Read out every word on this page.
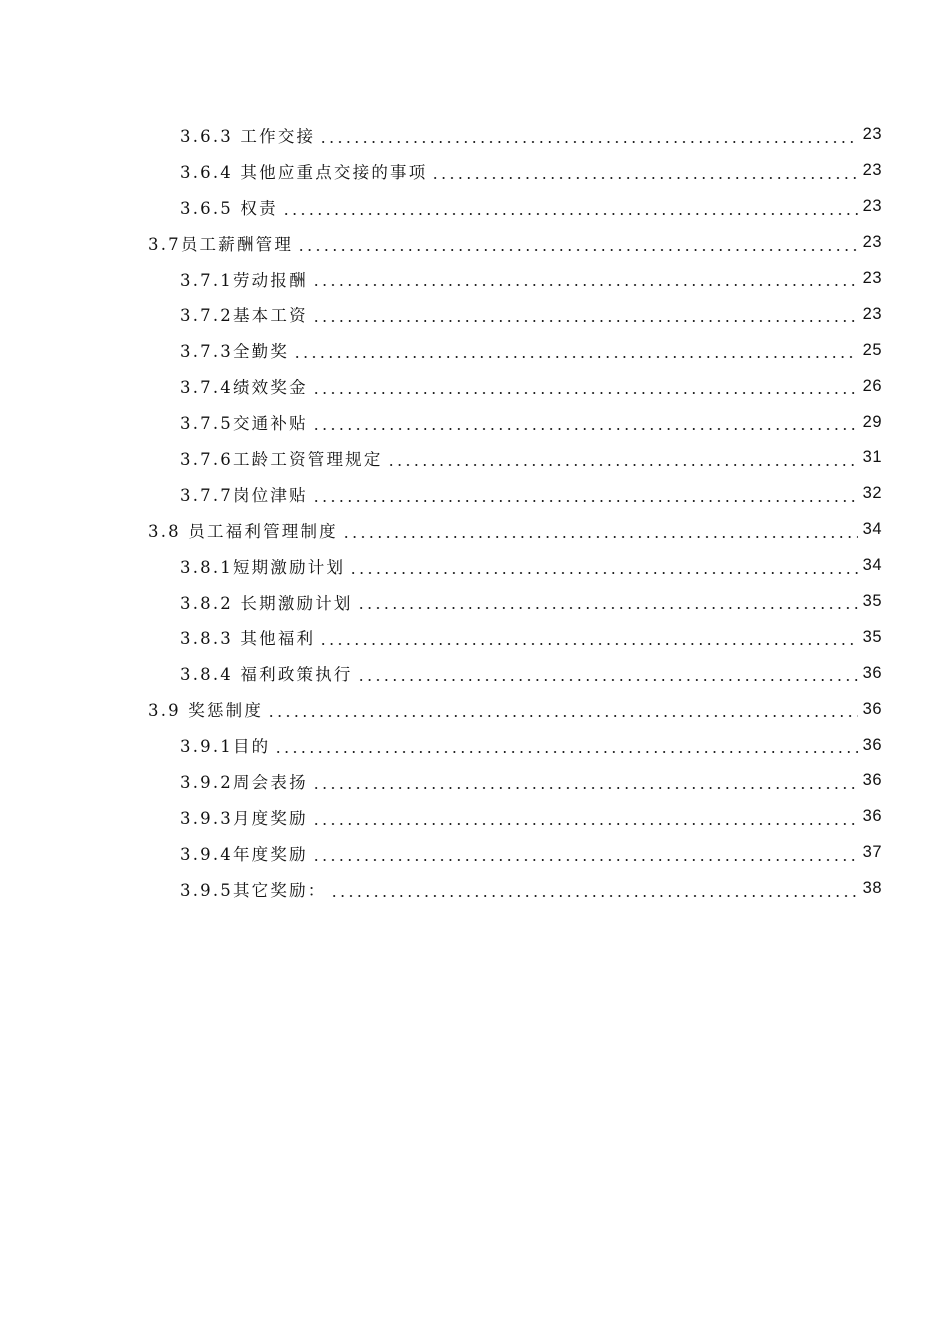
3.6.3 工作交接	23
3.6.4 其他应重点交接的事项	23
3.6.5 权责	23
3.7员工薪酬管理	23
3.7.1劳动报酬	23
3.7.2基本工资	23
3.7.3全勤奖	25
3.7.4绩效奖金	26
3.7.5交通补贴	29
3.7.6工龄工资管理规定	31
3.7.7岗位津贴	32
3.8 员工福利管理制度	34
3.8.1短期激励计划	34
3.8.2 长期激励计划	35
3.8.3 其他福利	35
3.8.4 福利政策执行	36
3.9 奖惩制度	36
3.9.1目的	36
3.9.2周会表扬	36
3.9.3月度奖励	36
3.9.4年度奖励	37
3.9.5其它奖励：	38
